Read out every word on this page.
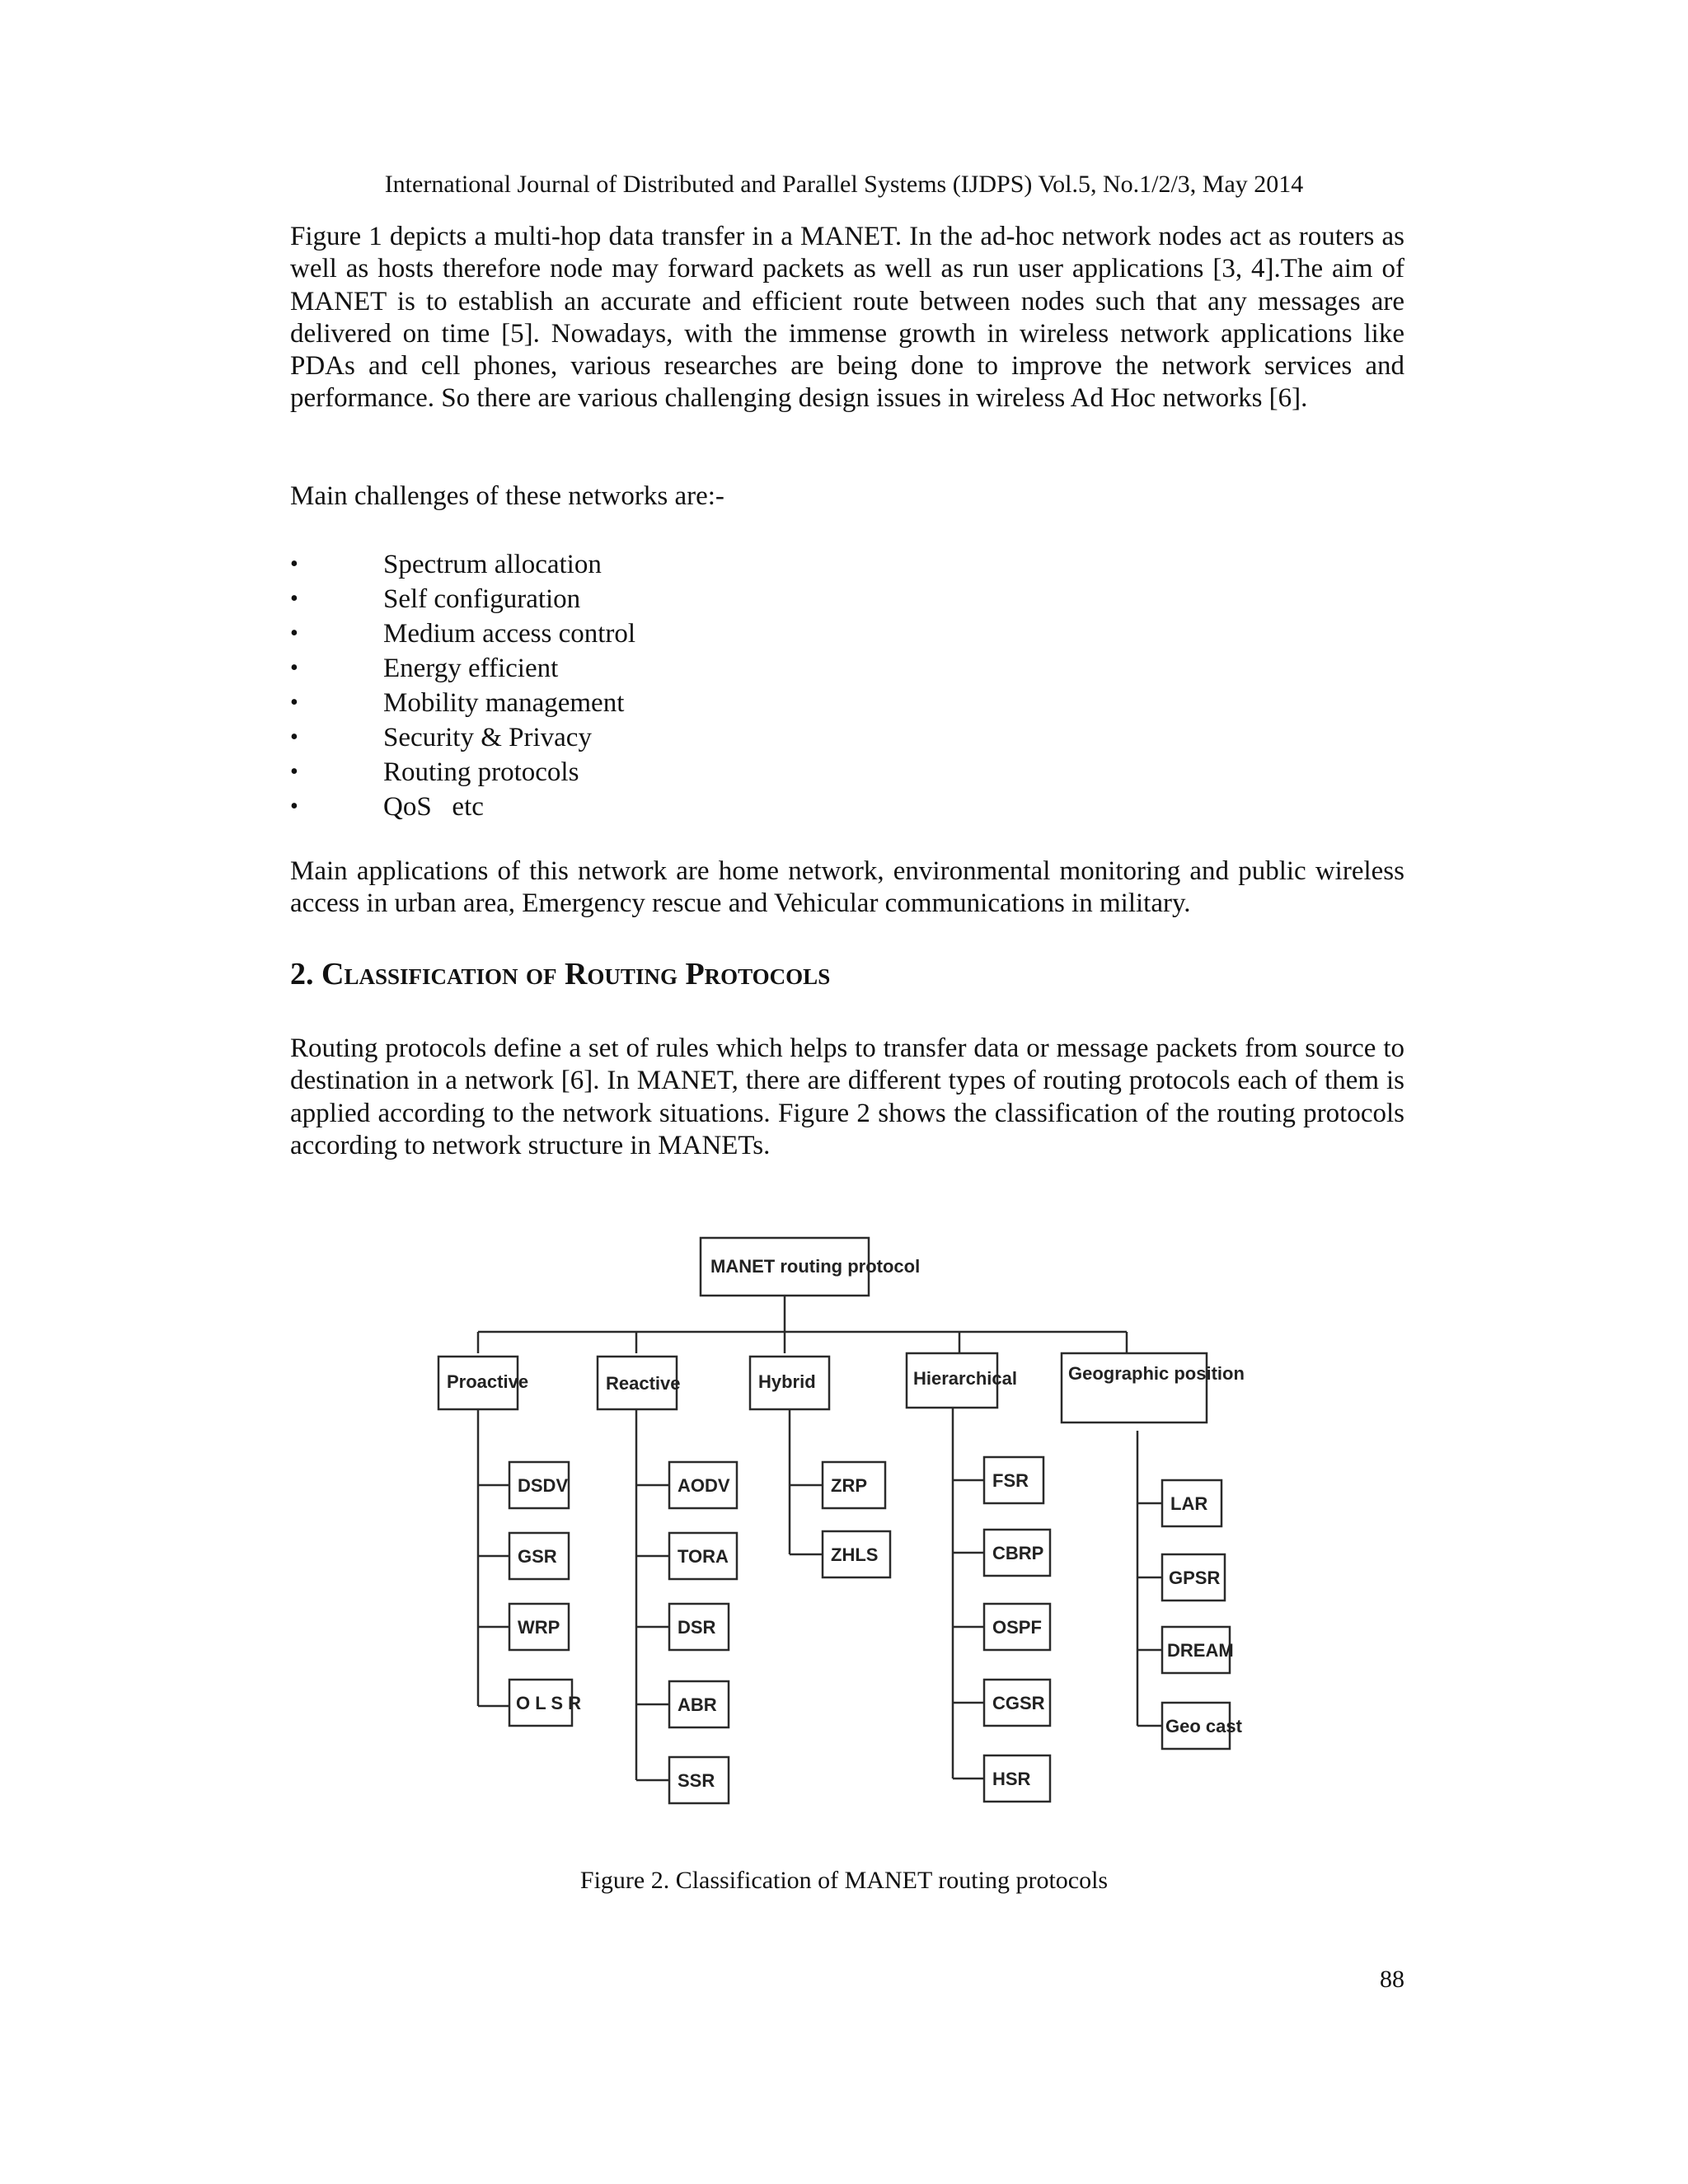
International Journal of Distributed and Parallel Systems (IJDPS) Vol.5, No.1/2/3, May 2014

Figure 1 depicts a multi-hop data transfer in a MANET. In the ad-hoc network nodes act as routers as well as hosts therefore node may forward packets as well as run user applications [3, 4].The aim of MANET is to establish an accurate and efficient route between nodes such that any messages are delivered on time [5]. Nowadays, with the immense growth in wireless network applications like PDAs and cell phones, various researches are being done to improve the network services and performance. So there are various challenging design issues in wireless Ad Hoc networks [6].

Main challenges of these networks are:-

•	Spectrum allocation
•	Self configuration
•	Medium access control
•	Energy efficient
•	Mobility management
•	Security & Privacy
•	Routing protocols
•	QoS   etc

Main applications of this network are home network, environmental monitoring and public wireless access in urban area, Emergency rescue and Vehicular communications in military.

2. Classification of Routing Protocols

Routing protocols define a set of rules which helps to transfer data or message packets from source to destination in a network [6]. In MANET, there are different types of routing protocols each of them is applied according to the network situations. Figure 2 shows the classification of the routing protocols according to network structure in MANETs.

MANET routing protocol
Proactive	Reactive	Hybrid	Hierarchical	Geographic position
DSDV
GSR
WRP
O L S R
AODV
TORA
DSR
ABR
SSR
ZRP
ZHLS
FSR
CBRP
OSPF
CGSR
HSR
LAR
GPSR
DREAM
Geo cast
Figure 2. Classification of MANET routing protocols
88
